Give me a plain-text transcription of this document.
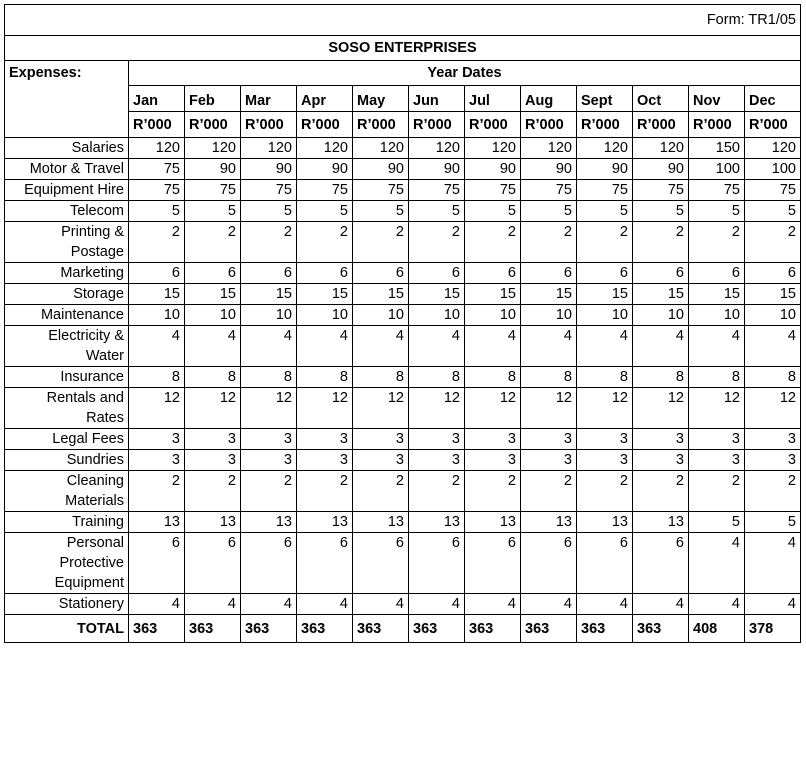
Form: TR1/05												
SOSO ENTERPRISES												

Expenses:	Year Dates											
	Jan	Feb	Mar	Apr	May	Jun	Jul	Aug	Sept	Oct	Nov	Dec
	R’000	R’000	R’000	R’000	R’000	R’000	R’000	R’000	R’000	R’000	R’000	R’000

Salaries	120	120	120	120	120	120	120	120	120	120	150	120

Motor & Travel	75	90	90	90	90	90	90	90	90	90	100	100

Equipment Hire	75	75	75	75	75	75	75	75	75	75	75	75

Telecom	5	5	5	5	5	5	5	5	5	5	5	5

Printing &
Postage	2	2	2	2	2	2	2	2	2	2	2	2

Marketing	6	6	6	6	6	6	6	6	6	6	6	6

Storage	15	15	15	15	15	15	15	15	15	15	15	15

Maintenance	10	10	10	10	10	10	10	10	10	10	10	10

Electricity &
Water	4	4	4	4	4	4	4	4	4	4	4	4

Insurance	8	8	8	8	8	8	8	8	8	8	8	8

Rentals and
Rates	12	12	12	12	12	12	12	12	12	12	12	12

Legal Fees	3	3	3	3	3	3	3	3	3	3	3	3

Sundries	3	3	3	3	3	3	3	3	3	3	3	3

Cleaning
Materials	2	2	2	2	2	2	2	2	2	2	2	2

Training	13	13	13	13	13	13	13	13	13	13	5	5

Personal
Protective
Equipment	6	6	6	6	6	6	6	6	6	6	4	4

Stationery	4	4	4	4	4	4	4	4	4	4	4	4
TOTAL	363	363	363	363	363	363	363	363	363	363	408	378
